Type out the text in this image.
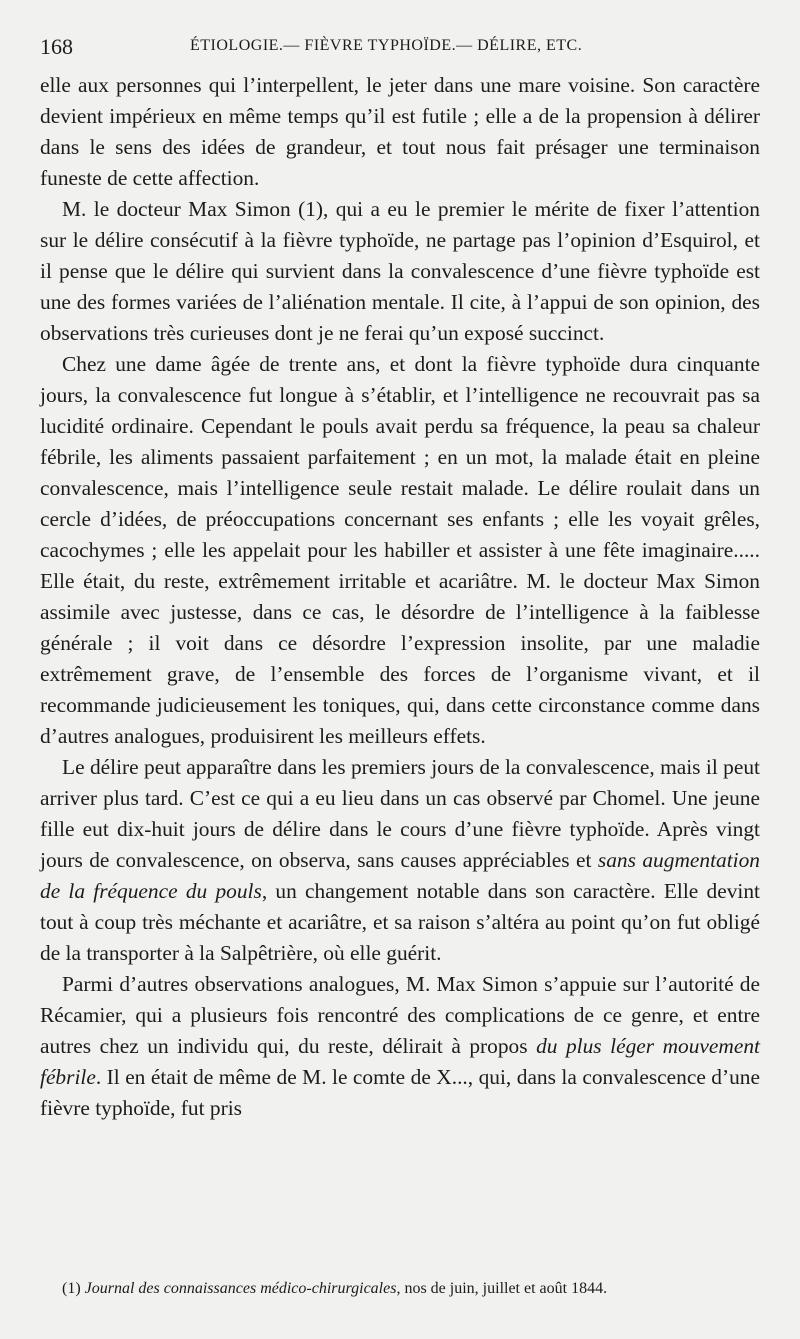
168	ÉTIOLOGIE.— FIÈVRE TYPHOÏDE.— DÉLIRE, ETC.

elle aux personnes qui l’interpellent, le jeter dans une mare voisine. Son caractère devient impérieux en même temps qu’il est futile ; elle a de la propension à délirer dans le sens des idées de grandeur, et tout nous fait présager une terminaison funeste de cette affection.

M. le docteur Max Simon (1), qui a eu le premier le mérite de fixer l’attention sur le délire consécutif à la fièvre typhoïde, ne partage pas l’opinion d’Esquirol, et il pense que le délire qui survient dans la convalescence d’une fièvre typhoïde est une des formes variées de l’aliénation mentale. Il cite, à l’appui de son opinion, des observations très curieuses dont je ne ferai qu’un exposé succinct.

Chez une dame âgée de trente ans, et dont la fièvre typhoïde dura cinquante jours, la convalescence fut longue à s’établir, et l’intelligence ne recouvrait pas sa lucidité ordinaire. Cependant le pouls avait perdu sa fréquence, la peau sa chaleur fébrile, les aliments passaient parfaitement ; en un mot, la malade était en pleine convalescence, mais l’intelligence seule restait malade. Le délire roulait dans un cercle d’idées, de préoccupations concernant ses enfants ; elle les voyait grêles, cacochymes ; elle les appelait pour les habiller et assister à une fête imaginaire..... Elle était, du reste, extrêmement irritable et acariâtre. M. le docteur Max Simon assimile avec justesse, dans ce cas, le désordre de l’intelligence à la faiblesse générale ; il voit dans ce désordre l’expression insolite, par une maladie extrêmement grave, de l’ensemble des forces de l’organisme vivant, et il recommande judicieusement les toniques, qui, dans cette circonstance comme dans d’autres analogues, produisirent les meilleurs effets.

Le délire peut apparaître dans les premiers jours de la convalescence, mais il peut arriver plus tard. C’est ce qui a eu lieu dans un cas observé par Chomel. Une jeune fille eut dix-huit jours de délire dans le cours d’une fièvre typhoïde. Après vingt jours de convalescence, on observa, sans causes appréciables et sans augmentation de la fréquence du pouls, un changement notable dans son caractère. Elle devint tout à coup très méchante et acariâtre, et sa raison s’altéra au point qu’on fut obligé de la transporter à la Salpêtrière, où elle guérit.

Parmi d’autres observations analogues, M. Max Simon s’appuie sur l’autorité de Récamier, qui a plusieurs fois rencontré des complications de ce genre, et entre autres chez un individu qui, du reste, délirait à propos du plus léger mouvement fébrile. Il en était de même de M. le comte de X..., qui, dans la convalescence d’une fièvre typhoïde, fut pris

(1) Journal des connaissances médico-chirurgicales, nos de juin, juillet et août 1844.
